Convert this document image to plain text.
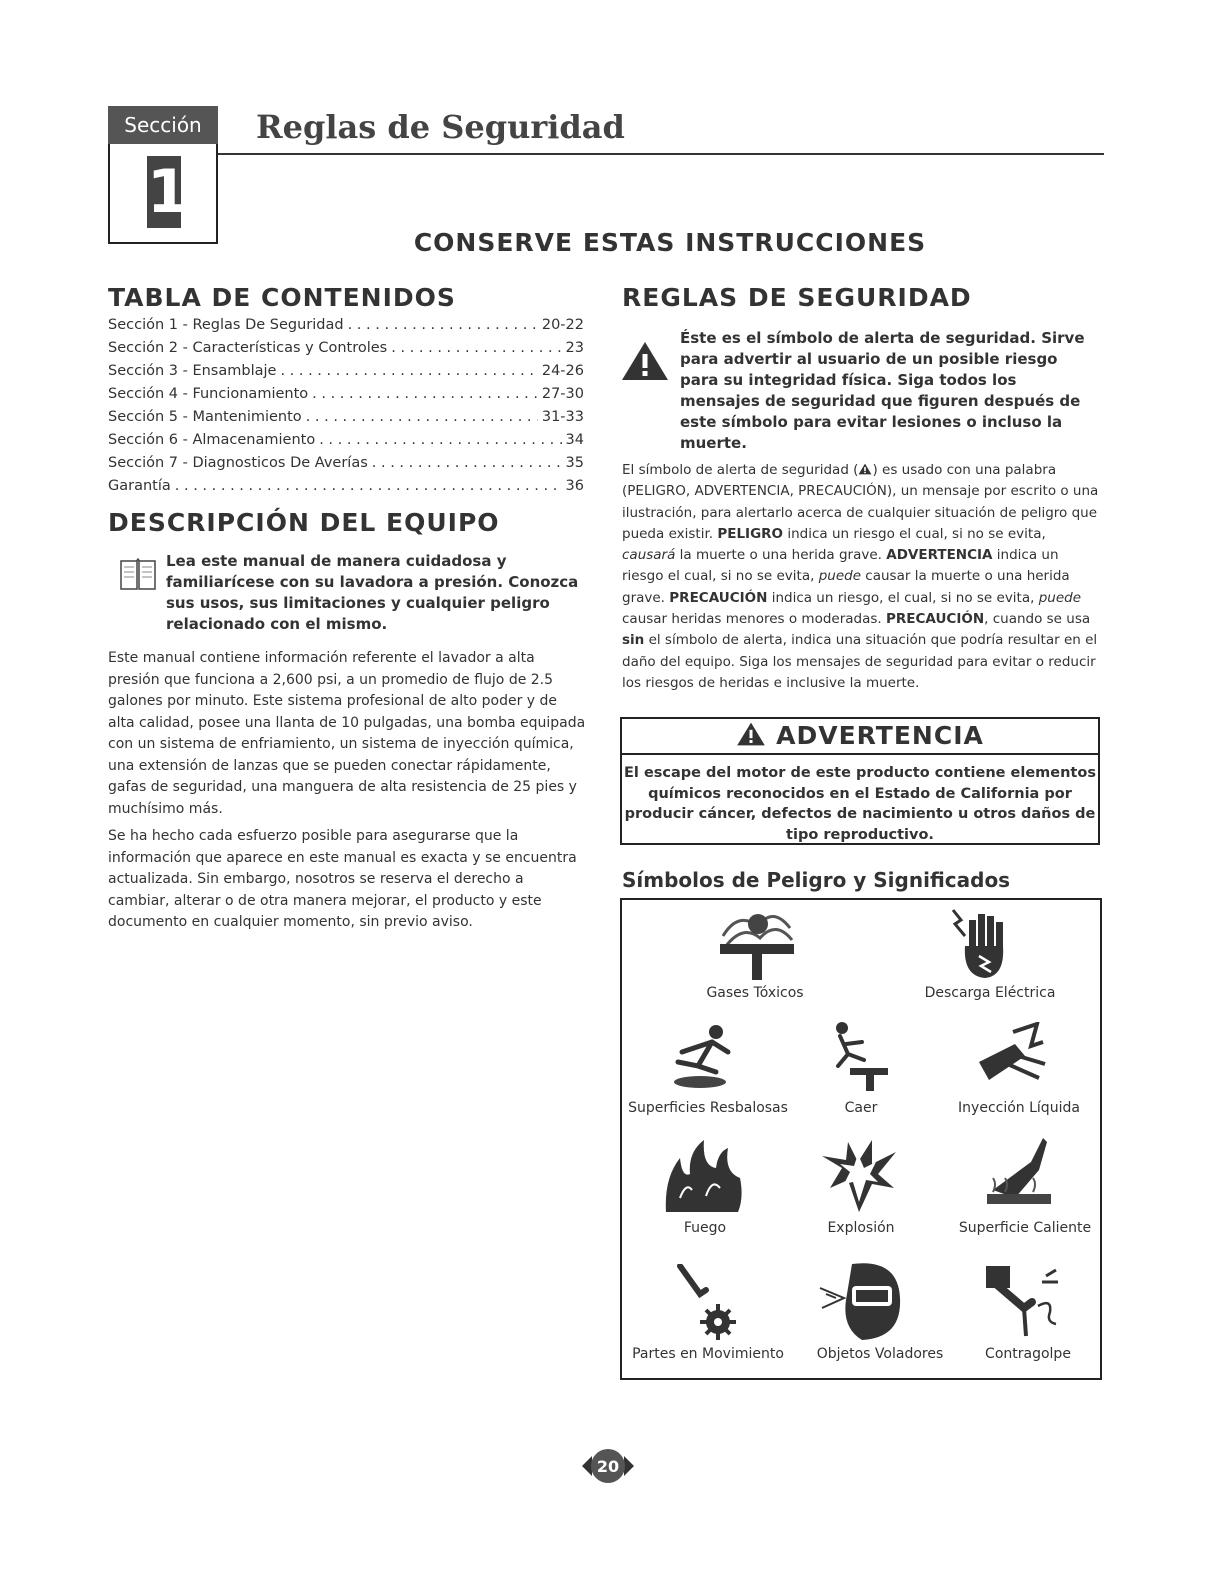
Sección
1
Reglas de Seguridad
CONSERVE ESTAS INSTRUCCIONES
TABLA DE CONTENIDOS
Sección 1 - Reglas De Seguridad . . .	20-22
Sección 2 - Características y Controles . . .	23
Sección 3 - Ensamblaje . . .	24-26
Sección 4 - Funcionamiento . . .	27-30
Sección 5 - Mantenimiento . . .	31-33
Sección 6 - Almacenamiento . . .	34
Sección 7 - Diagnosticos De Averías . . .	35
Garantía . . .	36
DESCRIPCIÓN DEL EQUIPO
Lea este manual de manera cuidadosa y familiarícese con su lavadora a presión. Conozca sus usos, sus limitaciones y cualquier peligro relacionado con el mismo.
Este manual contiene información referente el lavador a alta presión que funciona a 2,600 psi, a un promedio de flujo de 2.5 galones por minuto. Este sistema profesional de alto poder y de alta calidad, posee una llanta de 10 pulgadas, una bomba equipada con un sistema de enfriamiento, un sistema de inyección química, una extensión de lanzas que se pueden conectar rápidamente, gafas de seguridad, una manguera de alta resistencia de 25 pies y muchísimo más.
Se ha hecho cada esfuerzo posible para asegurarse que la información que aparece en este manual es exacta y se encuentra actualizada. Sin embargo, nosotros se reserva el derecho a cambiar, alterar o de otra manera mejorar, el producto y este documento en cualquier momento, sin previo aviso.
REGLAS DE SEGURIDAD
Éste es el símbolo de alerta de seguridad. Sirve para advertir al usuario de un posible riesgo para su integridad física. Siga todos los mensajes de seguridad que figuren después de este símbolo para evitar lesiones o incluso la muerte.
El símbolo de alerta de seguridad ( ) es usado con una palabra (PELIGRO, ADVERTENCIA, PRECAUCIÓN), un mensaje por escrito o una ilustración, para alertarlo acerca de cualquier situación de peligro que pueda existir. PELIGRO indica un riesgo el cual, si no se evita, causará la muerte o una herida grave. ADVERTENCIA indica un riesgo el cual, si no se evita, puede causar la muerte o una herida grave. PRECAUCIÓN indica un riesgo, el cual, si no se evita, puede causar heridas menores o moderadas. PRECAUCIÓN, cuando se usa sin el símbolo de alerta, indica una situación que podría resultar en el daño del equipo. Siga los mensajes de seguridad para evitar o reducir los riesgos de heridas e inclusive la muerte.
ADVERTENCIA
El escape del motor de este producto contiene elementos químicos reconocidos en el Estado de California por producir cáncer, defectos de nacimiento u otros daños de tipo reproductivo.
Símbolos de Peligro y Significados
Gases Tóxicos	Descarga Eléctrica
Superficies Resbalosas	Caer	Inyección Líquida
Fuego	Explosión	Superficie Caliente
Partes en Movimiento	Objetos Voladores	Contragolpe
20
